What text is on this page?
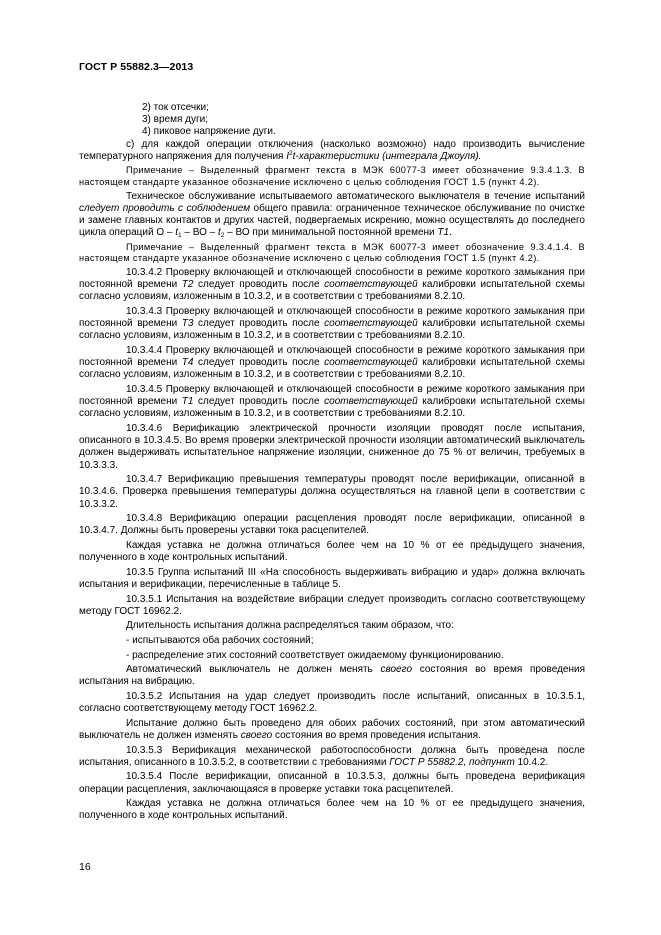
ГОСТ Р 55882.3—2013

2) ток отсечки;

3) время дуги;

4) пиковое напряжение дуги.

с) для каждой операции отключения (насколько возможно) надо производить вычисление температурного напряжения для получения $I^2t$-характеристики (интеграла Джоуля).

Примечание – Выделенный фрагмент текста в МЭК 60077-3 имеет обозначение 9.3.4.1.3. В настоящем стандарте указанное обозначение исключено с целью соблюдения ГОСТ 1.5 (пункт 4.2).

Техническое обслуживание испытываемого автоматического выключателя в течение испытаний следует проводить с соблюдением общего правила: ограниченное техническое обслуживание по очистке и замене главных контактов и других частей, подвергаемых искрению, можно осуществлять до последнего цикла операций О – $t_1$ – ВО – $t_2$ – ВО при минимальной постоянной времени T1.

Примечание – Выделенный фрагмент текста в МЭК 60077-3 имеет обозначение 9.3.4.1.4. В настоящем стандарте указанное обозначение исключено с целью соблюдения ГОСТ 1.5 (пункт 4.2).

10.3.4.2 Проверку включающей и отключающей способности в режиме короткого замыкания при постоянной времени T2 следует проводить после соответствующей калибровки испытательной схемы согласно условиям, изложенным в 10.3.2, и в соответствии с требованиями 8.2.10.

10.3.4.3 Проверку включающей и отключающей способности в режиме короткого замыкания при постоянной времени T3 следует проводить после соответствующей калибровки испытательной схемы согласно условиям, изложенным в 10.3.2, и в соответствии с требованиями 8.2.10.

10.3.4.4 Проверку включающей и отключающей способности в режиме короткого замыкания при постоянной времени T4 следует проводить после соответствующей калибровки испытательной схемы согласно условиям, изложенным в 10.3.2, и в соответствии с требованиями 8.2.10.

10.3.4.5 Проверку включающей и отключающей способности в режиме короткого замыкания при постоянной времени T1 следует проводить после соответствующей калибровки испытательной схемы согласно условиям, изложенным в 10.3.2, и в соответствии с требованиями 8.2.10.

10.3.4.6 Верификацию электрической прочности изоляции проводят после испытания, описанного в 10.3.4.5. Во время проверки электрической прочности изоляции автоматический выключатель должен выдерживать испытательное напряжение изоляции, сниженное до 75 % от величин, требуемых в 10.3.3.3.

10.3.4.7 Верификацию превышения температуры проводят после верификации, описанной в 10.3.4.6. Проверка превышения температуры должна осуществляться на главной цепи в соответствии с 10.3.3.2.

10.3.4.8 Верификацию операции расцепления проводят после верификации, описанной в 10.3.4.7. Должны быть проверены уставки тока расцепителей.

Каждая уставка не должна отличаться более чем на 10 % от ее предыдущего значения, полученного в ходе контрольных испытаний.

10.3.5 Группа испытаний III «На способность выдерживать вибрацию и удар» должна включать испытания и верификации, перечисленные в таблице 5.

10.3.5.1 Испытания на воздействие вибрации следует производить согласно соответствующему методу ГОСТ 16962.2.

Длительность испытания должна распределяться таким образом, что:

- испытываются оба рабочих состояний;

- распределение этих состояний соответствует ожидаемому функционированию.

Автоматический выключатель не должен менять своего состояния во время проведения испытания на вибрацию.

10.3.5.2 Испытания на удар следует производить после испытаний, описанных в 10.3.5.1, согласно соответствующему методу ГОСТ 16962.2.

Испытание должно быть проведено для обоих рабочих состояний, при этом автоматический выключатель не должен изменять своего состояния во время проведения испытания.

10.3.5.3 Верификация механической работоспособности должна быть проведена после испытания, описанного в 10.3.5.2, в соответствии с требованиями ГОСТ Р 55882.2, подпункт 10.4.2.

10.3.5.4 После верификации, описанной в 10.3.5.3, должны быть проведена верификация операции расцепления, заключающаяся в проверке уставки тока расцепителей.

Каждая уставка не должна отличаться более чем на 10 % от ее предыдущего значения, полученного в ходе контрольных испытаний.

16
